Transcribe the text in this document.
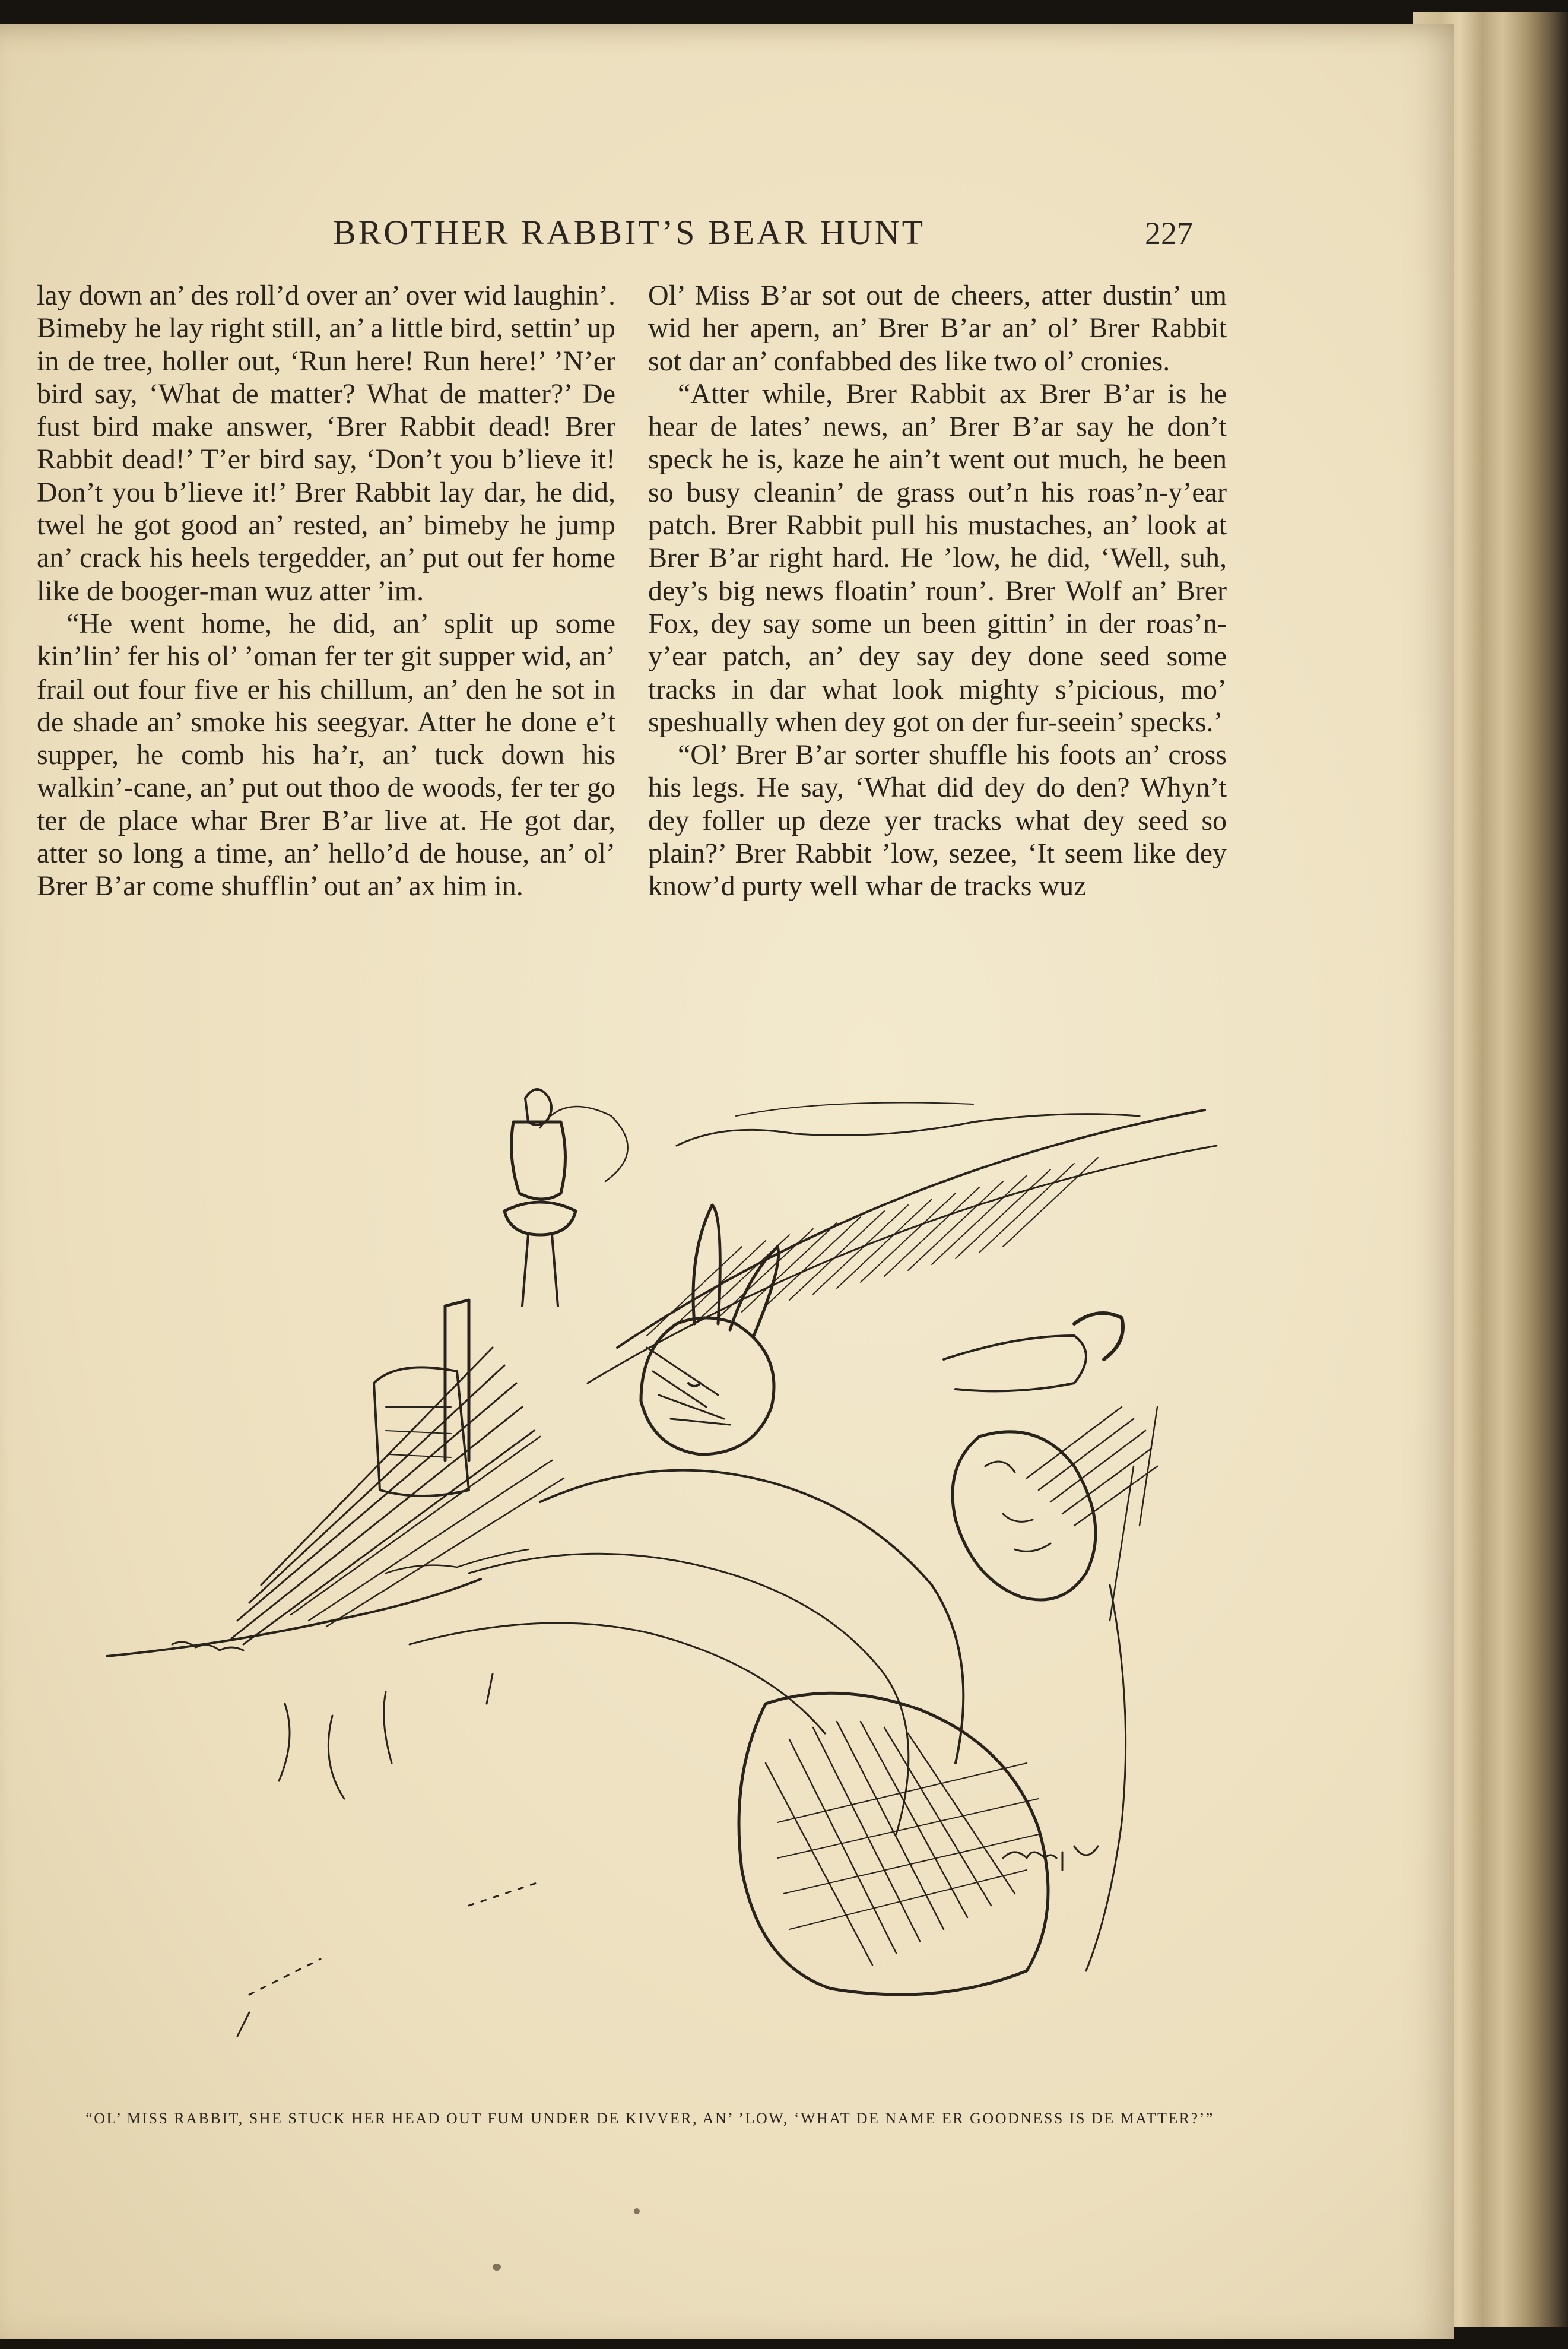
BROTHER RABBIT’S BEAR HUNT	227

lay down an’ des roll’d over an’ over wid laughin’. Bimeby he lay right still, an’ a little bird, settin’ up in de tree, holler out, ‘Run here! Run here!’ ’N’er bird say, ‘What de matter? What de matter?’ De fust bird make answer, ‘Brer Rabbit dead! Brer Rabbit dead!’ T’er bird say, ‘Don’t you b’lieve it! Don’t you b’lieve it!’ Brer Rabbit lay dar, he did, twel he got good an’ rested, an’ bimeby he jump an’ crack his heels tergedder, an’ put out fer home like de booger-man wuz atter ’im.

“He went home, he did, an’ split up some kin’lin’ fer his ol’ ’oman fer ter git supper wid, an’ frail out four five er his chillum, an’ den he sot in de shade an’ smoke his seegyar. Atter he done e’t supper, he comb his ha’r, an’ tuck down his walkin’-cane, an’ put out thoo de woods, fer ter go ter de place whar Brer B’ar live at. He got dar, atter so long a time, an’ hello’d de house, an’ ol’ Brer B’ar come shufflin’ out an’ ax him in.

Ol’ Miss B’ar sot out de cheers, atter dustin’ um wid her apern, an’ Brer B’ar an’ ol’ Brer Rabbit sot dar an’ confabbed des like two ol’ cronies.

“Atter while, Brer Rabbit ax Brer B’ar is he hear de lates’ news, an’ Brer B’ar say he don’t speck he is, kaze he ain’t went out much, he been so busy cleanin’ de grass out’n his roas’n-y’ear patch. Brer Rabbit pull his mustaches, an’ look at Brer B’ar right hard. He ’low, he did, ‘Well, suh, dey’s big news floatin’ roun’. Brer Wolf an’ Brer Fox, dey say some un been gittin’ in der roas’n-y’ear patch, an’ dey say dey done seed some tracks in dar what look mighty s’picious, mo’ speshually when dey got on der fur-seein’ specks.’

“Ol’ Brer B’ar sorter shuffle his foots an’ cross his legs. He say, ‘What did dey do den? Whyn’t dey foller up deze yer tracks what dey seed so plain?’ Brer Rabbit ’low, sezee, ‘It seem like dey know’d purty well whar de tracks wuz

“OL’ MISS RABBIT, SHE STUCK HER HEAD OUT FUM UNDER DE KIVVER, AN’ ’LOW, ‘WHAT DE NAME ER GOODNESS IS DE MATTER?’”
